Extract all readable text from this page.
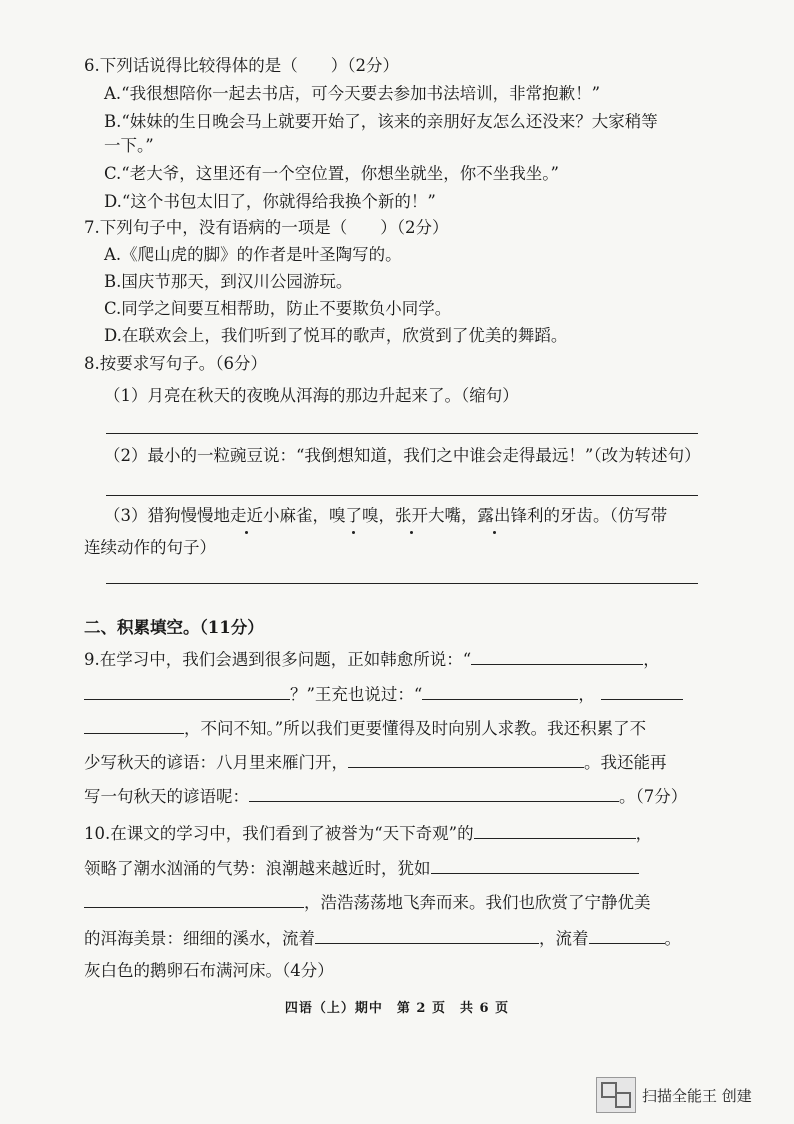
6.下列话说得比较得体的是（　　）（2分）
A.“我很想陪你一起去书店，可今天要去参加书法培训，非常抱歉！”
B.“妹妹的生日晚会马上就要开始了，该来的亲朋好友怎么还没来？大家稍等
一下。”
C.“老大爷，这里还有一个空位置，你想坐就坐，你不坐我坐。”
D.“这个书包太旧了，你就得给我换个新的！”
7.下列句子中，没有语病的一项是（　　）（2分）
A.《爬山虎的脚》的作者是叶圣陶写的。
B.国庆节那天，到汉川公园游玩。
C.同学之间要互相帮助，防止不要欺负小同学。
D.在联欢会上，我们听到了悦耳的歌声，欣赏到了优美的舞蹈。
8.按要求写句子。（6分）
（1）月亮在秋天的夜晚从洱海的那边升起来了。（缩句）
（2）最小的一粒豌豆说：“我倒想知道，我们之中谁会走得最远！”（改为转述句）
（3）猎狗慢慢地走近小麻雀，嗅了嗅，张开大嘴，露出锋利的牙齿。（仿写带
连续动作的句子）
二、积累填空。（11分）
9.在学习中，我们会遇到很多问题，正如韩愈所说：“	，
？”王充也说过：“	，
，不问不知。”所以我们更要懂得及时向别人求教。我还积累了不
少写秋天的谚语：八月里来雁门开，	。我还能再
写一句秋天的谚语呢：	。（7分）
10.在课文的学习中，我们看到了被誉为“天下奇观”的	，
领略了潮水汹涌的气势：浪潮越来越近时，犹如
，浩浩荡荡地飞奔而来。我们也欣赏了宁静优美
的洱海美景：细细的溪水，流着	，流着	。
灰白色的鹅卵石布满河床。（4分）
四语（上）期中　第 2 页　共 6 页
扫描全能王 创建
